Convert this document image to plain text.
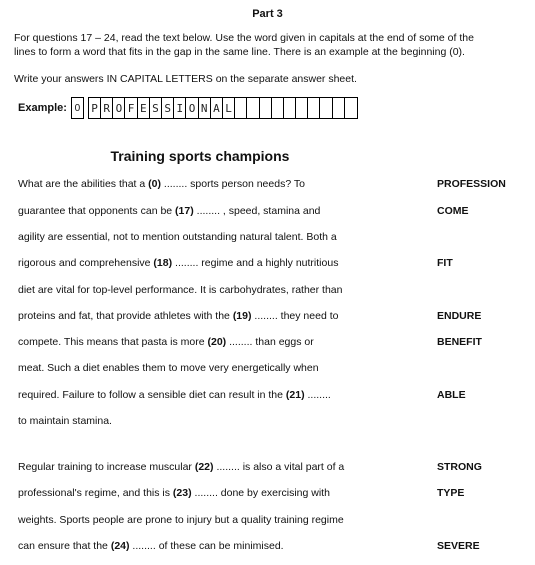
Part 3
For questions 17 – 24, read the text below. Use the word given in capitals at the end of some of the
lines to form a word that fits in the gap in the same line. There is an example at the beginning (0).
Write your answers IN CAPITAL LETTERS on the separate answer sheet.
Example: 0	P R O F E S S I O N A L
Training sports champions
What are the abilities that a (0) ........ sports person needs? To	PROFESSION
guarantee that opponents can be (17) ........ , speed, stamina and	COME
agility are essential, not to mention outstanding natural talent. Both a
rigorous and comprehensive (18) ........ regime and a highly nutritious	FIT
diet are vital for top-level performance. It is carbohydrates, rather than
proteins and fat, that provide athletes with the (19) ........ they need to	ENDURE
compete. This means that pasta is more (20) ........ than eggs or	BENEFIT
meat. Such a diet enables them to move very energetically when
required. Failure to follow a sensible diet can result in the (21) ........	ABLE
to maintain stamina.
Regular training to increase muscular (22) ........ is also a vital part of a	STRONG
professional's regime, and this is (23) ........ done by exercising with	TYPE
weights. Sports people are prone to injury but a quality training regime
can ensure that the (24) ........ of these can be minimised.	SEVERE
